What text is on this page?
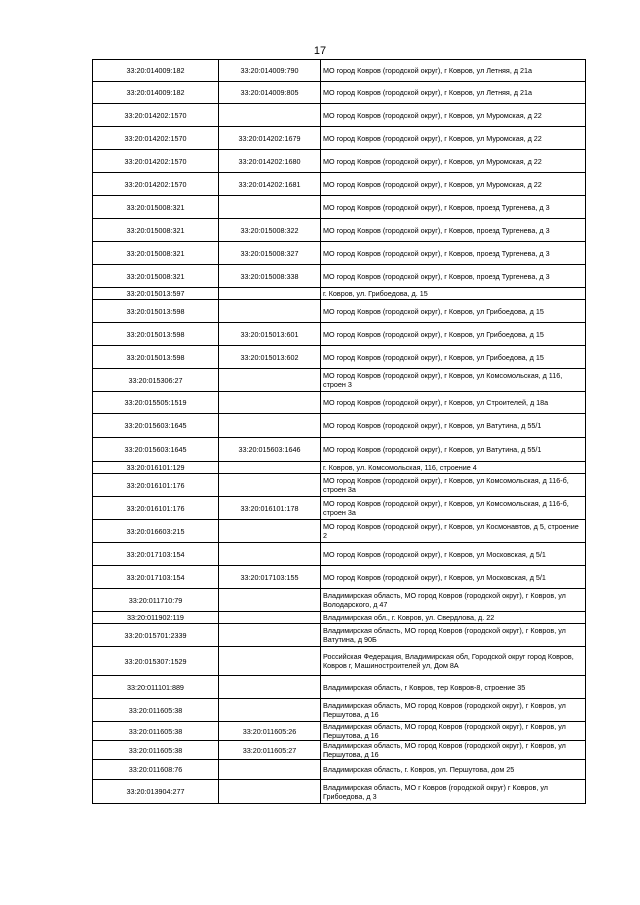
17
33:20:014009:182	33:20:014009:790	МО город Ковров (городской округ), г Ковров, ул Летняя, д 21а
33:20:014009:182	33:20:014009:805	МО город Ковров (городской округ), г Ковров, ул Летняя, д 21а
33:20:014202:1570		МО город Ковров (городской округ), г Ковров, ул Муромская, д 22
33:20:014202:1570	33:20:014202:1679	МО город Ковров (городской округ), г Ковров, ул Муромская, д 22
33:20:014202:1570	33:20:014202:1680	МО город Ковров (городской округ), г Ковров, ул Муромская, д 22
33:20:014202:1570	33:20:014202:1681	МО город Ковров (городской округ), г Ковров, ул Муромская, д 22
33:20:015008:321		МО город Ковров (городской округ), г Ковров, проезд Тургенева, д 3
33:20:015008:321	33:20:015008:322	МО город Ковров (городской округ), г Ковров, проезд Тургенева, д 3
33:20:015008:321	33:20:015008:327	МО город Ковров (городской округ), г Ковров, проезд Тургенева, д 3
33:20:015008:321	33:20:015008:338	МО город Ковров (городской округ), г Ковров, проезд Тургенева, д 3
33:20:015013:597		г. Ковров, ул. Грибоедова, д. 15
33:20:015013:598		МО город Ковров (городской округ), г Ковров, ул Грибоедова, д 15
33:20:015013:598	33:20:015013:601	МО город Ковров (городской округ), г Ковров, ул Грибоедова, д 15
33:20:015013:598	33:20:015013:602	МО город Ковров (городской округ), г Ковров, ул Грибоедова, д 15
33:20:015306:27		МО город Ковров (городской округ), г Ковров, ул Комсомольская, д 116, строен 3
33:20:015505:1519		МО город Ковров (городской округ), г Ковров, ул Строителей, д 18а
33:20:015603:1645		МО город Ковров (городской округ), г Ковров, ул Ватутина, д 55/1
33:20:015603:1645	33:20:015603:1646	МО город Ковров (городской округ), г Ковров, ул Ватутина, д 55/1
33:20:016101:129		г. Ковров, ул. Комсомольская, 116, строение 4
33:20:016101:176		МО город Ковров (городской округ), г Ковров, ул Комсомольская, д 116-б, строен 3а
33:20:016101:176	33:20:016101:178	МО город Ковров (городской округ), г Ковров, ул Комсомольская, д 116-б, строен 3а
33:20:016603:215		МО город Ковров (городской округ), г Ковров, ул Космонавтов, д 5, строение 2
33:20:017103:154		МО город Ковров (городской округ), г Ковров, ул Московская, д 5/1
33:20:017103:154	33:20:017103:155	МО город Ковров (городской округ), г Ковров, ул Московская, д 5/1
33:20:011710:79		Владимирская область, МО город Ковров (городской округ), г Ковров, ул Володарского, д 47
33:20:011902:119		Владимирская обл., г. Ковров, ул. Свердлова, д. 22
33:20:015701:2339		Владимирская область, МО город Ковров (городской округ), г Ковров, ул Ватутина, д 90Б
33:20:015307:1529		Российская Федерация, Владимирская обл, Городской округ город Ковров, Ковров г, Машиностроителей ул, Дом 8А
33:20:011101:889		Владимирская область, г Ковров, тер Ковров-8, строение 35
33:20:011605:38		Владимирская область, МО город Ковров (городской округ), г Ковров, ул Першутова, д 16
33:20:011605:38	33:20:011605:26	Владимирская область, МО город Ковров (городской округ), г Ковров, ул Першутова, д 16
33:20:011605:38	33:20:011605:27	Владимирская область, МО город Ковров (городской округ), г Ковров, ул Першутова, д 16
33:20:011608:76		Владимирская область, г. Ковров, ул. Першутова, дом 25
33:20:013904:277		Владимирская область, МО г Ковров (городской округ) г Ковров, ул Грибоедова, д 3
